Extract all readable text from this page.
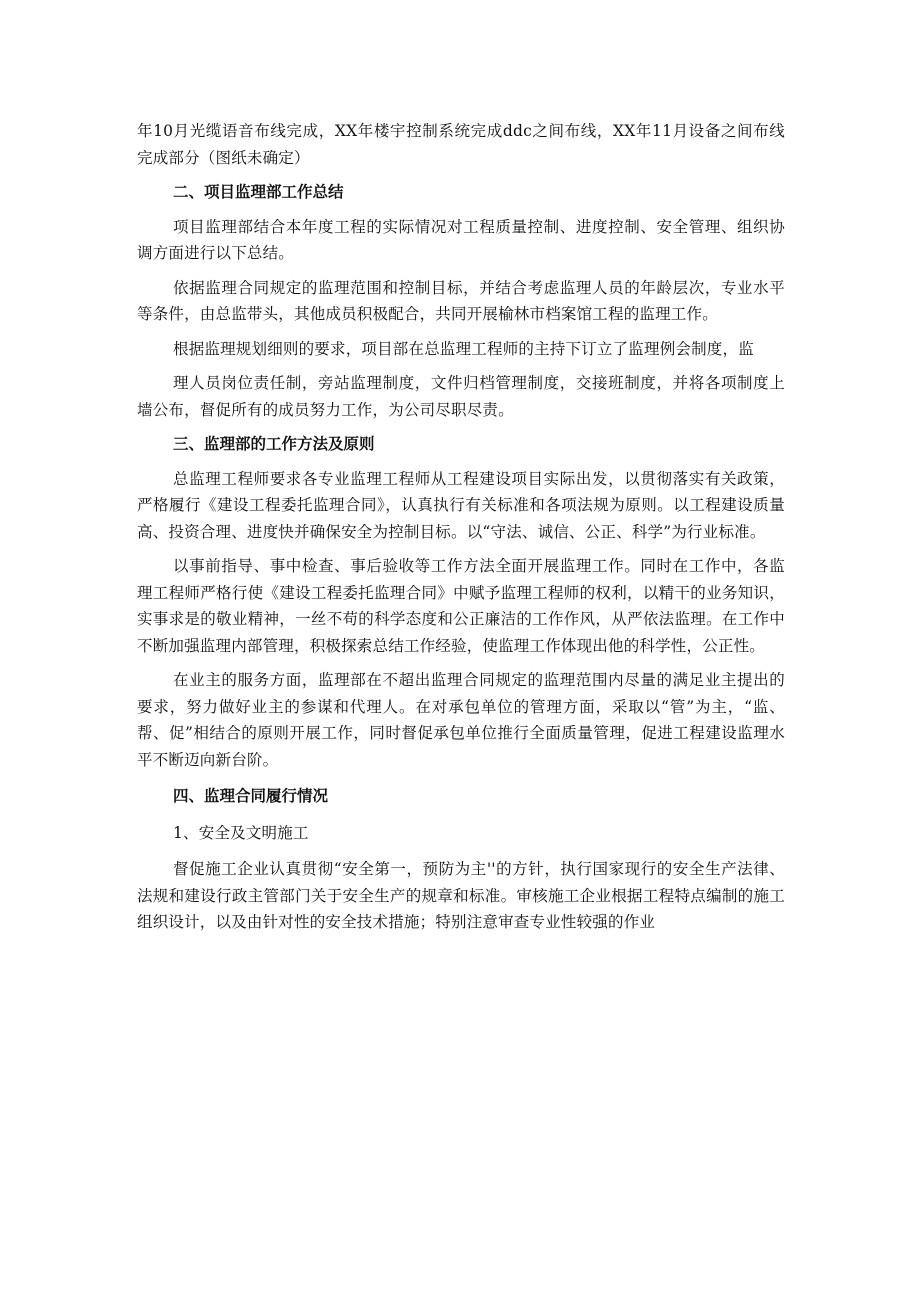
年10月光缆语音布线完成，XX年楼宇控制系统完成ddc之间布线，XX年11月设备之间布线完成部分（图纸未确定）

二、项目监理部工作总结

项目监理部结合本年度工程的实际情况对工程质量控制、进度控制、安全管理、组织协调方面进行以下总结。

依据监理合同规定的监理范围和控制目标，并结合考虑监理人员的年龄层次，专业水平等条件，由总监带头，其他成员积极配合，共同开展榆林市档案馆工程的监理工作。

根据监理规划细则的要求，项目部在总监理工程师的主持下订立了监理例会制度，监

理人员岗位责任制，旁站监理制度，文件归档管理制度，交接班制度，并将各项制度上墙公布，督促所有的成员努力工作，为公司尽职尽责。

三、监理部的工作方法及原则

总监理工程师要求各专业监理工程师从工程建设项目实际出发，以贯彻落实有关政策，严格履行《建设工程委托监理合同》，认真执行有关标准和各项法规为原则。以工程建设质量高、投资合理、进度快并确保安全为控制目标。以“守法、诚信、公正、科学”为行业标准。

以事前指导、事中检查、事后验收等工作方法全面开展监理工作。同时在工作中，各监理工程师严格行使《建设工程委托监理合同》中赋予监理工程师的权利，以精干的业务知识，实事求是的敬业精神，一丝不苟的科学态度和公正廉洁的工作作风，从严依法监理。在工作中不断加强监理内部管理，积极探索总结工作经验，使监理工作体现出他的科学性，公正性。

在业主的服务方面，监理部在不超出监理合同规定的监理范围内尽量的满足业主提出的要求，努力做好业主的参谋和代理人。在对承包单位的管理方面，采取以“管”为主，“监、帮、促”相结合的原则开展工作，同时督促承包单位推行全面质量管理，促进工程建设监理水平不断迈向新台阶。

四、监理合同履行情况

1、安全及文明施工

督促施工企业认真贯彻“安全第一，预防为主''的方针，执行国家现行的安全生产法律、法规和建设行政主管部门关于安全生产的规章和标准。审核施工企业根据工程特点编制的施工组织设计，以及由针对性的安全技术措施；特别注意审查专业性较强的作业
